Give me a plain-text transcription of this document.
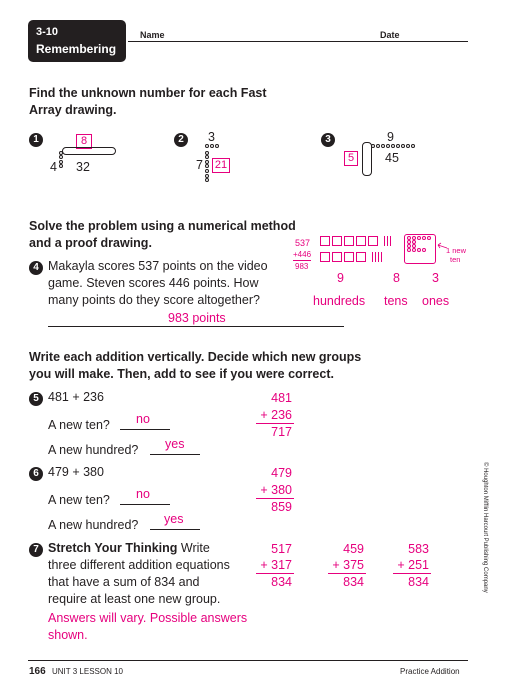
3-10
Remembering
Name	Date
Find the unknown number for each Fast
Array drawing.
1	8
4 32
2	3
7 21
3	9
5	45
Solve the problem using a numerical method
and a proof drawing.
4 Makayla scores 537 points on the video
game. Steven scores 446 points. How
many points do they score altogether?
983 points
537
+446
983

1 new
ten
9	8	3
hundreds tens ones
Write each addition vertically. Decide which new groups
you will make. Then, add to see if you were correct.
5 481 + 236
A new ten? no
A new hundred? yes
481
+ 236
717
6 479 + 380
A new ten? no
A new hundred? yes
479
+ 380
859
7 Stretch Your Thinking Write
three different addition equations
that have a sum of 834 and
require at least one new group.
Answers will vary. Possible answers
shown.
517
+ 317
834
459
+ 375
834
583
+ 251
834	© Houghton Mifflin Harcourt Publishing Company
166 UNIT 3 LESSON 10	Practice Addition
